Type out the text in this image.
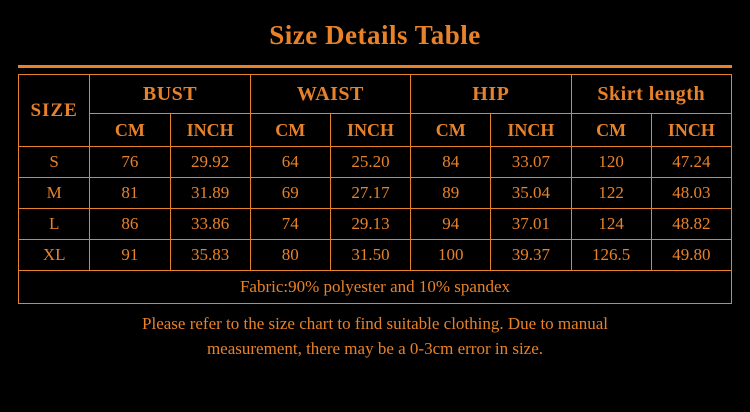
Size Details Table
SIZE	BUST		WAIST		HIP		Skirt length	
	CM	INCH	CM	INCH	CM	INCH	CM	INCH
S	76	29.92	64	25.20	84	33.07	120	47.24
M	81	31.89	69	27.17	89	35.04	122	48.03
L	86	33.86	74	29.13	94	37.01	124	48.82
XL	91	35.83	80	31.50	100	39.37	126.5	49.80
Fabric:90% polyester and 10% spandex								
Please refer to the size chart to find suitable clothing. Due to manual
measurement, there may be a 0-3cm error in size.
